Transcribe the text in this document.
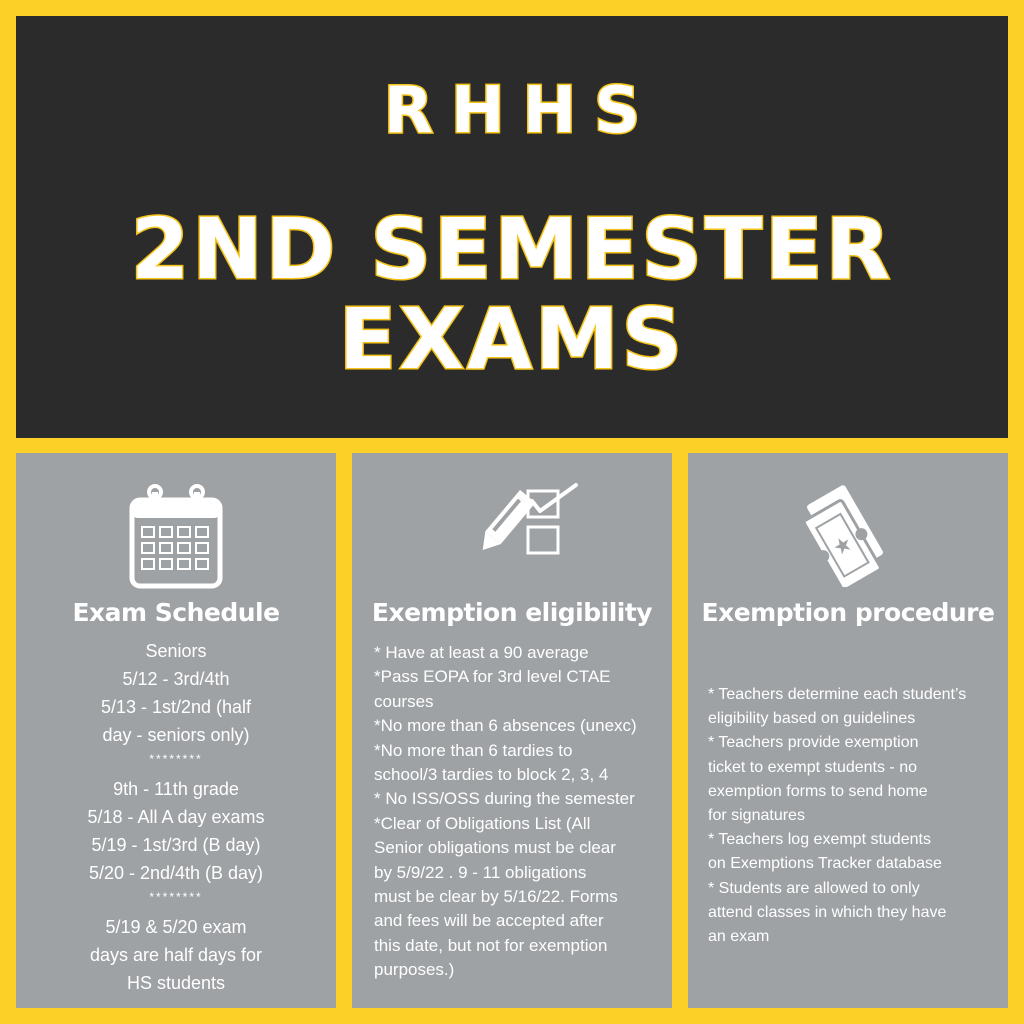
RHHS
2ND SEMESTER
EXAMS
Exam Schedule
Seniors
5/12 - 3rd/4th
5/13 - 1st/2nd (half
day - seniors only)
********
9th - 11th grade
5/18 - All A day exams
5/19 - 1st/3rd (B day)
5/20 - 2nd/4th (B day)
********
5/19 & 5/20 exam
days are half days for
HS students
Exemption eligibility
* Have at least a 90 average
*Pass EOPA for 3rd level CTAE
courses
*No more than 6 absences (unexc)
*No more than 6 tardies to
school/3 tardies to block 2, 3, 4
* No ISS/OSS during the semester
*Clear of Obligations List (All
Senior obligations must be clear
by 5/9/22 . 9 - 11 obligations
must be clear by 5/16/22. Forms
and fees will be accepted after
this date, but not for exemption
purposes.)
Exemption procedure
* Teachers determine each student’s
eligibility based on guidelines
* Teachers provide exemption
ticket to exempt students - no
exemption forms to send home
for signatures
* Teachers log exempt students
on Exemptions Tracker database
* Students are allowed to only
attend classes in which they have
an exam
